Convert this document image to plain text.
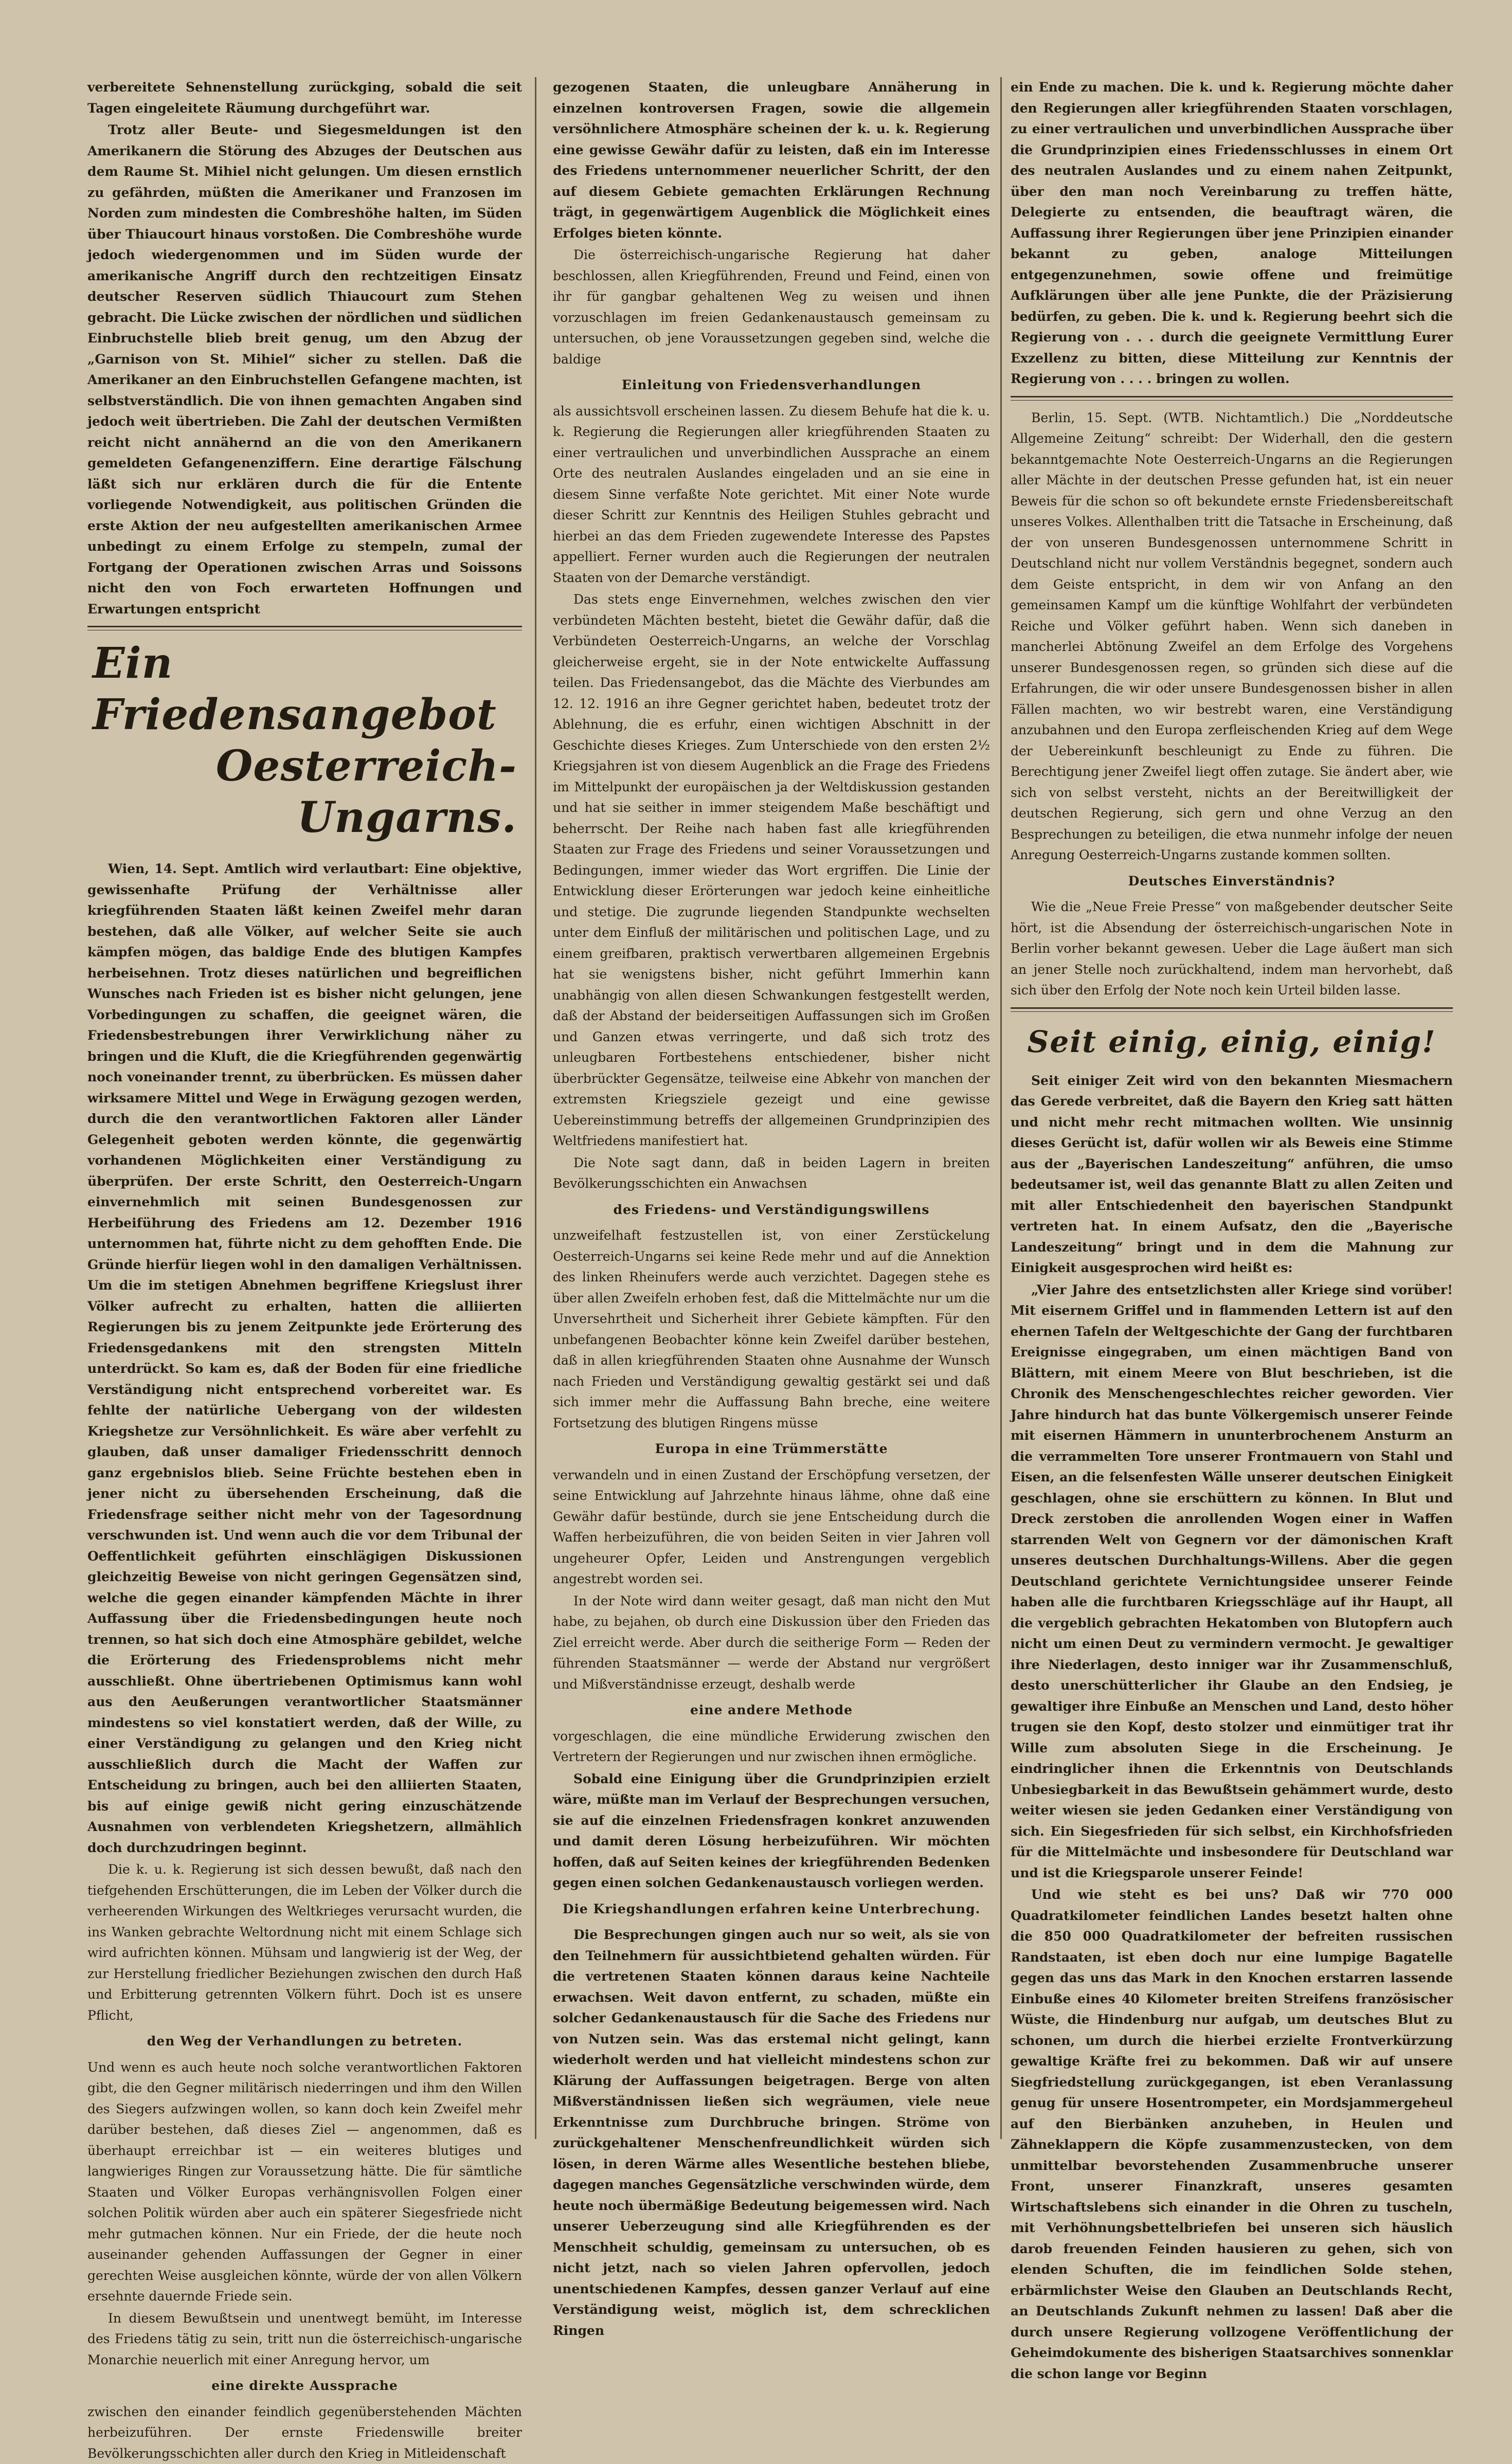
verbereitete Sehnenstellung zurückging, sobald die seit Tagen eingeleitete Räumung durchgeführt war.

Trotz aller Beute- und Siegesmeldungen ist den Amerikanern die Störung des Abzuges der Deutschen aus dem Raume St. Mihiel nicht gelungen. Um diesen ernstlich zu gefährden, müßten die Amerikaner und Franzosen im Norden zum mindesten die Combreshöhe halten, im Süden über Thiaucourt hinaus vorstoßen. Die Combreshöhe wurde jedoch wiedergenommen und im Süden wurde der amerikanische Angriff durch den rechtzeitigen Einsatz deutscher Reserven südlich Thiaucourt zum Stehen gebracht. Die Lücke zwischen der nördlichen und südlichen Einbruchstelle blieb breit genug, um den Abzug der „Garnison von St. Mihiel“ sicher zu stellen. Daß die Amerikaner an den Einbruchstellen Gefangene machten, ist selbstverständlich. Die von ihnen gemachten Angaben sind jedoch weit übertrieben. Die Zahl der deutschen Vermißten reicht nicht annähernd an die von den Amerikanern gemeldeten Gefangenenziffern. Eine derartige Fälschung läßt sich nur erklären durch die für die Entente vorliegende Notwendigkeit, aus politischen Gründen die erste Aktion der neu aufgestellten amerikanischen Armee unbedingt zu einem Erfolge zu stempeln, zumal der Fortgang der Operationen zwischen Arras und Soissons nicht den von Foch erwarteten Hoffnungen und Erwartungen entspricht

Ein Friedensangebot
Oesterreich-Ungarns.

Wien, 14. Sept. Amtlich wird verlautbart: Eine objektive, gewissenhafte Prüfung der Verhältnisse aller kriegführenden Staaten läßt keinen Zweifel mehr daran bestehen, daß alle Völker, auf welcher Seite sie auch kämpfen mögen, das baldige Ende des blutigen Kampfes herbeisehnen. Trotz dieses natürlichen und begreiflichen Wunsches nach Frieden ist es bisher nicht gelungen, jene Vorbedingungen zu schaffen, die geeignet wären, die Friedensbestrebungen ihrer Verwirklichung näher zu bringen und die Kluft, die die Kriegführenden gegenwärtig noch voneinander trennt, zu überbrücken. Es müssen daher wirksamere Mittel und Wege in Erwägung gezogen werden, durch die den verantwortlichen Faktoren aller Länder Gelegenheit geboten werden könnte, die gegenwärtig vorhandenen Möglichkeiten einer Verständigung zu überprüfen. Der erste Schritt, den Oesterreich-Ungarn einvernehmlich mit seinen Bundesgenossen zur Herbeiführung des Friedens am 12. Dezember 1916 unternommen hat, führte nicht zu dem gehofften Ende. Die Gründe hierfür liegen wohl in den damaligen Verhältnissen. Um die im stetigen Abnehmen begriffene Kriegslust ihrer Völker aufrecht zu erhalten, hatten die alliierten Regierungen bis zu jenem Zeitpunkte jede Erörterung des Friedensgedankens mit den strengsten Mitteln unterdrückt. So kam es, daß der Boden für eine friedliche Verständigung nicht entsprechend vorbereitet war. Es fehlte der natürliche Uebergang von der wildesten Kriegshetze zur Versöhnlichkeit. Es wäre aber verfehlt zu glauben, daß unser damaliger Friedensschritt dennoch ganz ergebnislos blieb. Seine Früchte bestehen eben in jener nicht zu übersehenden Erscheinung, daß die Friedensfrage seither nicht mehr von der Tagesordnung verschwunden ist. Und wenn auch die vor dem Tribunal der Oeffentlichkeit geführten einschlägigen Diskussionen gleichzeitig Beweise von nicht geringen Gegensätzen sind, welche die gegen einander kämpfenden Mächte in ihrer Auffassung über die Friedensbedingungen heute noch trennen, so hat sich doch eine Atmosphäre gebildet, welche die Erörterung des Friedensproblems nicht mehr ausschließt. Ohne übertriebenen Optimismus kann wohl aus den Aeußerungen verantwortlicher Staatsmänner mindestens so viel konstatiert werden, daß der Wille, zu einer Verständigung zu gelangen und den Krieg nicht ausschließlich durch die Macht der Waffen zur Entscheidung zu bringen, auch bei den alliierten Staaten, bis auf einige gewiß nicht gering einzuschätzende Ausnahmen von verblendeten Kriegshetzern, allmählich doch durchzudringen beginnt.

Die k. u. k. Regierung ist sich dessen bewußt, daß nach den tiefgehenden Erschütterungen, die im Leben der Völker durch die verheerenden Wirkungen des Weltkrieges verursacht wurden, die ins Wanken gebrachte Weltordnung nicht mit einem Schlage sich wird aufrichten können. Mühsam und langwierig ist der Weg, der zur Herstellung friedlicher Beziehungen zwischen den durch Haß und Erbitterung getrennten Völkern führt. Doch ist es unsere Pflicht,

den Weg der Verhandlungen zu betreten.

Und wenn es auch heute noch solche verantwortlichen Faktoren gibt, die den Gegner militärisch niederringen und ihm den Willen des Siegers aufzwingen wollen, so kann doch kein Zweifel mehr darüber bestehen, daß dieses Ziel — angenommen, daß es überhaupt erreichbar ist — ein weiteres blutiges und langwieriges Ringen zur Voraussetzung hätte. Die für sämtliche Staaten und Völker Europas verhängnisvollen Folgen einer solchen Politik würden aber auch ein späterer Siegesfriede nicht mehr gutmachen können. Nur ein Friede, der die heute noch auseinander gehenden Auffassungen der Gegner in einer gerechten Weise ausgleichen könnte, würde der von allen Völkern ersehnte dauernde Friede sein.

In diesem Bewußtsein und unentwegt bemüht, im Interesse des Friedens tätig zu sein, tritt nun die österreichisch-ungarische Monarchie neuerlich mit einer Anregung hervor, um

eine direkte Aussprache

zwischen den einander feindlich gegenüberstehenden Mächten herbeizuführen. Der ernste Friedenswille breiter Bevölkerungsschichten aller durch den Krieg in Mitleidenschaft

gezogenen Staaten, die unleugbare Annäherung in einzelnen kontroversen Fragen, sowie die allgemein versöhnlichere Atmosphäre scheinen der k. u. k. Regierung eine gewisse Gewähr dafür zu leisten, daß ein im Interesse des Friedens unternommener neuerlicher Schritt, der den auf diesem Gebiete gemachten Erklärungen Rechnung trägt, in gegenwärtigem Augenblick die Möglichkeit eines Erfolges bieten könnte.

Die österreichisch-ungarische Regierung hat daher beschlossen, allen Kriegführenden, Freund und Feind, einen von ihr für gangbar gehaltenen Weg zu weisen und ihnen vorzuschlagen im freien Gedankenaustausch gemeinsam zu untersuchen, ob jene Voraussetzungen gegeben sind, welche die baldige

Einleitung von Friedensverhandlungen

als aussichtsvoll erscheinen lassen. Zu diesem Behufe hat die k. u. k. Regierung die Regierungen aller kriegführenden Staaten zu einer vertraulichen und unverbindlichen Aussprache an einem Orte des neutralen Auslandes eingeladen und an sie eine in diesem Sinne verfaßte Note gerichtet. Mit einer Note wurde dieser Schritt zur Kenntnis des Heiligen Stuhles gebracht und hierbei an das dem Frieden zugewendete Interesse des Papstes appelliert. Ferner wurden auch die Regierungen der neutralen Staaten von der Demarche verständigt.

Das stets enge Einvernehmen, welches zwischen den vier verbündeten Mächten besteht, bietet die Gewähr dafür, daß die Verbündeten Oesterreich-Ungarns, an welche der Vorschlag gleicherweise ergeht, sie in der Note entwickelte Auffassung teilen. Das Friedensangebot, das die Mächte des Vierbundes am 12. 12. 1916 an ihre Gegner gerichtet haben, bedeutet trotz der Ablehnung, die es erfuhr, einen wichtigen Abschnitt in der Geschichte dieses Krieges. Zum Unterschiede von den ersten 2½ Kriegsjahren ist von diesem Augenblick an die Frage des Friedens im Mittelpunkt der europäischen ja der Weltdiskussion gestanden und hat sie seither in immer steigendem Maße beschäftigt und beherrscht. Der Reihe nach haben fast alle kriegführenden Staaten zur Frage des Friedens und seiner Voraussetzungen und Bedingungen, immer wieder das Wort ergriffen. Die Linie der Entwicklung dieser Erörterungen war jedoch keine einheitliche und stetige. Die zugrunde liegenden Standpunkte wechselten unter dem Einfluß der militärischen und politischen Lage, und zu einem greifbaren, praktisch verwertbaren allgemeinen Ergebnis hat sie wenigstens bisher, nicht geführt Immerhin kann unabhängig von allen diesen Schwankungen festgestellt werden, daß der Abstand der beiderseitigen Auffassungen sich im Großen und Ganzen etwas verringerte, und daß sich trotz des unleugbaren Fortbestehens entschiedener, bisher nicht überbrückter Gegensätze, teilweise eine Abkehr von manchen der extremsten Kriegsziele gezeigt und eine gewisse Uebereinstimmung betreffs der allgemeinen Grundprinzipien des Weltfriedens manifestiert hat.

Die Note sagt dann, daß in beiden Lagern in breiten Bevölkerungsschichten ein Anwachsen

des Friedens- und Verständigungswillens

unzweifelhaft festzustellen ist, von einer Zerstückelung Oesterreich-Ungarns sei keine Rede mehr und auf die Annektion des linken Rheinufers werde auch verzichtet. Dagegen stehe es über allen Zweifeln erhoben fest, daß die Mittelmächte nur um die Unversehrtheit und Sicherheit ihrer Gebiete kämpften. Für den unbefangenen Beobachter könne kein Zweifel darüber bestehen, daß in allen kriegführenden Staaten ohne Ausnahme der Wunsch nach Frieden und Verständigung gewaltig gestärkt sei und daß sich immer mehr die Auffassung Bahn breche, eine weitere Fortsetzung des blutigen Ringens müsse

Europa in eine Trümmerstätte

verwandeln und in einen Zustand der Erschöpfung versetzen, der seine Entwicklung auf Jahrzehnte hinaus lähme, ohne daß eine Gewähr dafür bestünde, durch sie jene Entscheidung durch die Waffen herbeizuführen, die von beiden Seiten in vier Jahren voll ungeheurer Opfer, Leiden und Anstrengungen vergeblich angestrebt worden sei.

In der Note wird dann weiter gesagt, daß man nicht den Mut habe, zu bejahen, ob durch eine Diskussion über den Frieden das Ziel erreicht werde. Aber durch die seitherige Form — Reden der führenden Staatsmänner — werde der Abstand nur vergrößert und Mißverständnisse erzeugt, deshalb werde

eine andere Methode

vorgeschlagen, die eine mündliche Erwiderung zwischen den Vertretern der Regierungen und nur zwischen ihnen ermögliche.

Sobald eine Einigung über die Grundprinzipien erzielt wäre, müßte man im Verlauf der Besprechungen versuchen, sie auf die einzelnen Friedensfragen konkret anzuwenden und damit deren Lösung herbeizuführen. Wir möchten hoffen, daß auf Seiten keines der kriegführenden Bedenken gegen einen solchen Gedankenaustausch vorliegen werden.

Die Kriegshandlungen erfahren keine Unterbrechung.

Die Besprechungen gingen auch nur so weit, als sie von den Teilnehmern für aussichtbietend gehalten würden. Für die vertretenen Staaten können daraus keine Nachteile erwachsen. Weit davon entfernt, zu schaden, müßte ein solcher Gedankenaustausch für die Sache des Friedens nur von Nutzen sein. Was das erstemal nicht gelingt, kann wiederholt werden und hat vielleicht mindestens schon zur Klärung der Auffassungen beigetragen. Berge von alten Mißverständnissen ließen sich wegräumen, viele neue Erkenntnisse zum Durchbruche bringen. Ströme von zurückgehaltener Menschenfreundlichkeit würden sich lösen, in deren Wärme alles Wesentliche bestehen bliebe, dagegen manches Gegensätzliche verschwinden würde, dem heute noch übermäßige Bedeutung beigemessen wird. Nach unserer Ueberzeugung sind alle Kriegführenden es der Menschheit schuldig, gemeinsam zu untersuchen, ob es nicht jetzt, nach so vielen Jahren opfervollen, jedoch unentschiedenen Kampfes, dessen ganzer Verlauf auf eine Verständigung weist, möglich ist, dem schrecklichen Ringen

ein Ende zu machen. Die k. und k. Regierung möchte daher den Regierungen aller kriegführenden Staaten vorschlagen, zu einer vertraulichen und unverbindlichen Aussprache über die Grundprinzipien eines Friedensschlusses in einem Ort des neutralen Auslandes und zu einem nahen Zeitpunkt, über den man noch Vereinbarung zu treffen hätte, Delegierte zu entsenden, die beauftragt wären, die Auffassung ihrer Regierungen über jene Prinzipien einander bekannt zu geben, analoge Mitteilungen entgegenzunehmen, sowie offene und freimütige Aufklärungen über alle jene Punkte, die der Präzisierung bedürfen, zu geben. Die k. und k. Regierung beehrt sich die Regierung von . . . durch die geeignete Vermittlung Eurer Exzellenz zu bitten, diese Mitteilung zur Kenntnis der Regierung von . . . . bringen zu wollen.

Berlin, 15. Sept. (WTB. Nichtamtlich.) Die „Norddeutsche Allgemeine Zeitung“ schreibt: Der Widerhall, den die gestern bekanntgemachte Note Oesterreich-Ungarns an die Regierungen aller Mächte in der deutschen Presse gefunden hat, ist ein neuer Beweis für die schon so oft bekundete ernste Friedensbereitschaft unseres Volkes. Allenthalben tritt die Tatsache in Erscheinung, daß der von unseren Bundesgenossen unternommene Schritt in Deutschland nicht nur vollem Verständnis begegnet, sondern auch dem Geiste entspricht, in dem wir von Anfang an den gemeinsamen Kampf um die künftige Wohlfahrt der verbündeten Reiche und Völker geführt haben. Wenn sich daneben in mancherlei Abtönung Zweifel an dem Erfolge des Vorgehens unserer Bundesgenossen regen, so gründen sich diese auf die Erfahrungen, die wir oder unsere Bundesgenossen bisher in allen Fällen machten, wo wir bestrebt waren, eine Verständigung anzubahnen und den Europa zerfleischenden Krieg auf dem Wege der Uebereinkunft beschleunigt zu Ende zu führen. Die Berechtigung jener Zweifel liegt offen zutage. Sie ändert aber, wie sich von selbst versteht, nichts an der Bereitwilligkeit der deutschen Regierung, sich gern und ohne Verzug an den Besprechungen zu beteiligen, die etwa nunmehr infolge der neuen Anregung Oesterreich-Ungarns zustande kommen sollten.

Deutsches Einverständnis?

Wie die „Neue Freie Presse“ von maßgebender deutscher Seite hört, ist die Absendung der österreichisch-ungarischen Note in Berlin vorher bekannt gewesen. Ueber die Lage äußert man sich an jener Stelle noch zurückhaltend, indem man hervorhebt, daß sich über den Erfolg der Note noch kein Urteil bilden lasse.

Seit einig, einig, einig!

Seit einiger Zeit wird von den bekannten Miesmachern das Gerede verbreitet, daß die Bayern den Krieg satt hätten und nicht mehr recht mitmachen wollten. Wie unsinnig dieses Gerücht ist, dafür wollen wir als Beweis eine Stimme aus der „Bayerischen Landeszeitung“ anführen, die umso bedeutsamer ist, weil das genannte Blatt zu allen Zeiten und mit aller Entschiedenheit den bayerischen Standpunkt vertreten hat. In einem Aufsatz, den die „Bayerische Landeszeitung“ bringt und in dem die Mahnung zur Einigkeit ausgesprochen wird heißt es:

„Vier Jahre des entsetzlichsten aller Kriege sind vorüber! Mit eisernem Griffel und in flammenden Lettern ist auf den ehernen Tafeln der Weltgeschichte der Gang der furchtbaren Ereignisse eingegraben, um einen mächtigen Band von Blättern, mit einem Meere von Blut beschrieben, ist die Chronik des Menschengeschlechtes reicher geworden. Vier Jahre hindurch hat das bunte Völkergemisch unserer Feinde mit eisernen Hämmern in ununterbrochenem Ansturm an die verrammelten Tore unserer Frontmauern von Stahl und Eisen, an die felsenfesten Wälle unserer deutschen Einigkeit geschlagen, ohne sie erschüttern zu können. In Blut und Dreck zerstoben die anrollenden Wogen einer in Waffen starrenden Welt von Gegnern vor der dämonischen Kraft unseres deutschen Durchhaltungs-Willens. Aber die gegen Deutschland gerichtete Vernichtungsidee unserer Feinde haben alle die furchtbaren Kriegsschläge auf ihr Haupt, all die vergeblich gebrachten Hekatomben von Blutopfern auch nicht um einen Deut zu vermindern vermocht. Je gewaltiger ihre Niederlagen, desto inniger war ihr Zusammenschluß, desto unerschütterlicher ihr Glaube an den Endsieg, je gewaltiger ihre Einbuße an Menschen und Land, desto höher trugen sie den Kopf, desto stolzer und einmütiger trat ihr Wille zum absoluten Siege in die Erscheinung. Je eindringlicher ihnen die Erkenntnis von Deutschlands Unbesiegbarkeit in das Bewußtsein gehämmert wurde, desto weiter wiesen sie jeden Gedanken einer Verständigung von sich. Ein Siegesfrieden für sich selbst, ein Kirchhofsfrieden für die Mittelmächte und insbesondere für Deutschland war und ist die Kriegsparole unserer Feinde!

Und wie steht es bei uns? Daß wir 770 000 Quadratkilometer feindlichen Landes besetzt halten ohne die 850 000 Quadratkilometer der befreiten russischen Randstaaten, ist eben doch nur eine lumpige Bagatelle gegen das uns das Mark in den Knochen erstarren lassende Einbuße eines 40 Kilometer breiten Streifens französischer Wüste, die Hindenburg nur aufgab, um deutsches Blut zu schonen, um durch die hierbei erzielte Frontverkürzung gewaltige Kräfte frei zu bekommen. Daß wir auf unsere Siegfriedstellung zurückgegangen, ist eben Veranlassung genug für unsere Hosentrompeter, ein Mordsjammergeheul auf den Bierbänken anzuheben, in Heulen und Zähneklappern die Köpfe zusammenzustecken, von dem unmittelbar bevorstehenden Zusammenbruche unserer Front, unserer Finanzkraft, unseres gesamten Wirtschaftslebens sich einander in die Ohren zu tuscheln, mit Verhöhnungsbettelbriefen bei unseren sich häuslich darob freuenden Feinden hausieren zu gehen, sich von elenden Schuften, die im feindlichen Solde stehen, erbärmlichster Weise den Glauben an Deutschlands Recht, an Deutschlands Zukunft nehmen zu lassen! Daß aber die durch unsere Regierung vollzogene Veröffentlichung der Geheimdokumente des bisherigen Staatsarchives sonnenklar die schon lange vor Beginn
